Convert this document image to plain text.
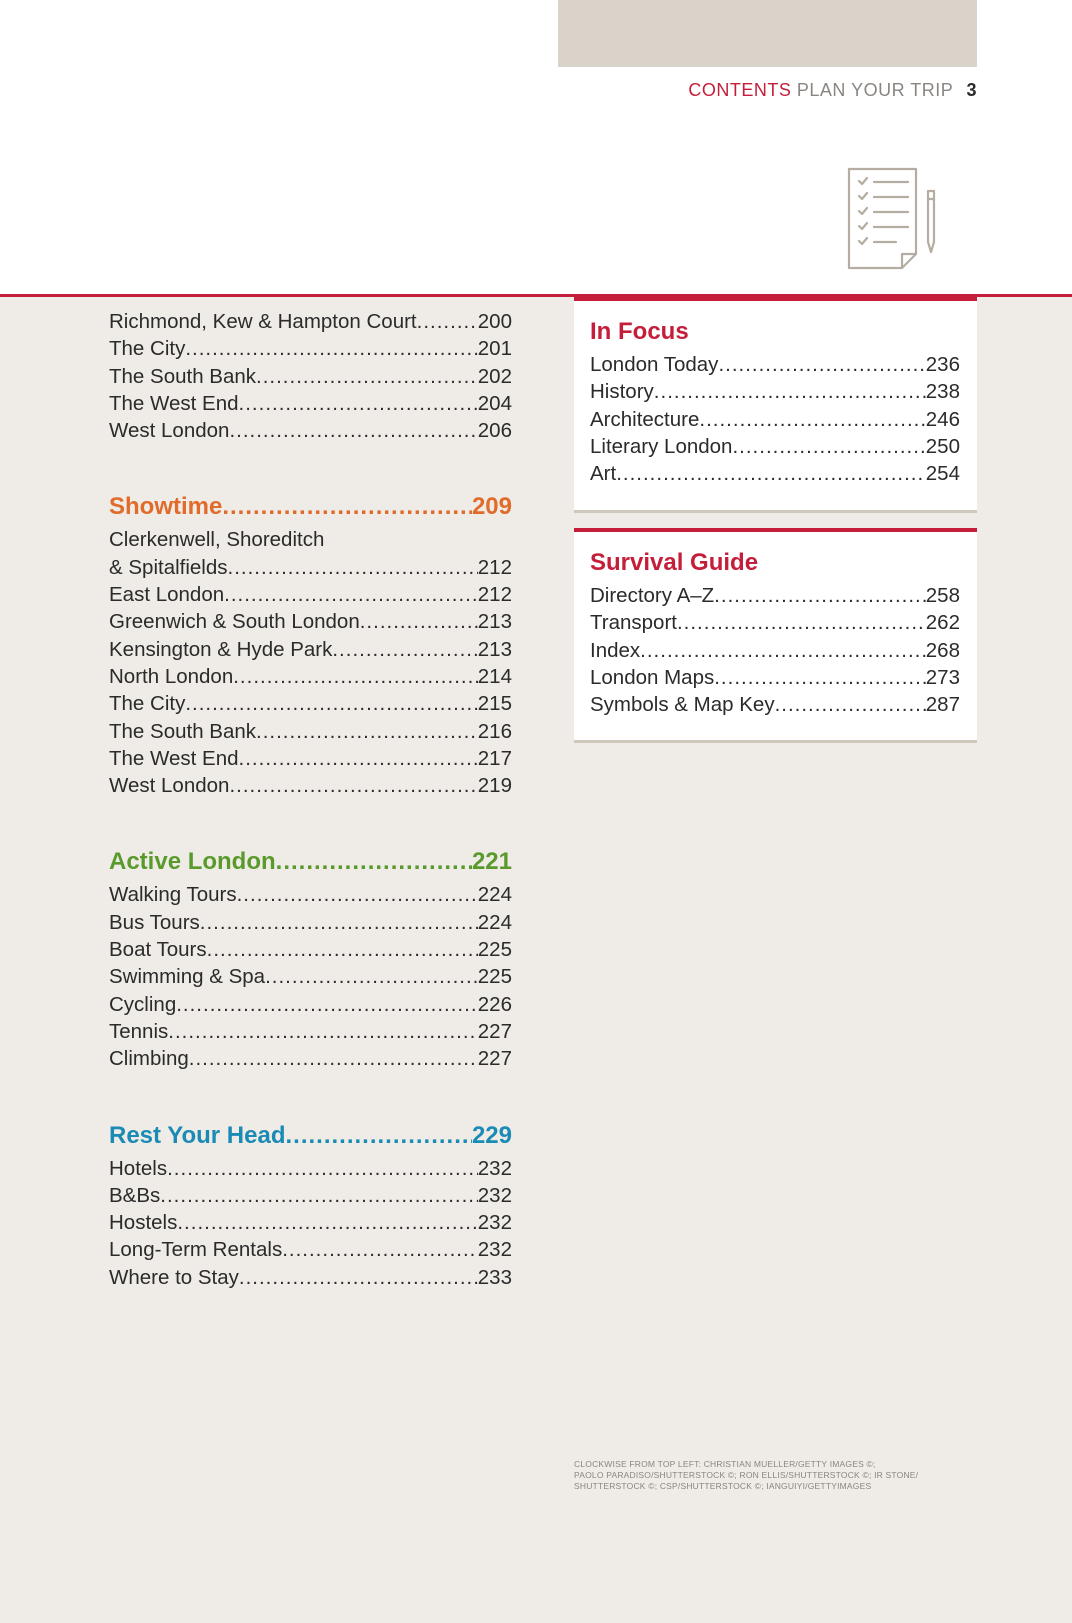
CONTENTS PLAN YOUR TRIP 3
Richmond, Kew & Hampton Court .....	200
The City .....	201
The South Bank .....	202
The West End .....	204
West London .....	206
Showtime .....	209
Clerkenwell, Shoreditch
& Spitalfields .....	212
East London .....	212
Greenwich & South London .....	213
Kensington & Hyde Park .....	213
North London .....	214
The City .....	215
The South Bank .....	216
The West End .....	217
West London .....	219
Active London .....	221
Walking Tours .....	224
Bus Tours .....	224
Boat Tours .....	225
Swimming & Spa .....	225
Cycling .....	226
Tennis .....	227
Climbing .....	227
Rest Your Head .....	229
Hotels .....	232
B&Bs .....	232
Hostels .....	232
Long-Term Rentals .....	232
Where to Stay .....	233
In Focus
London Today .....	236
History .....	238
Architecture .....	246
Literary London .....	250
Art .....	254
Survival Guide
Directory A–Z .....	258
Transport .....	262
Index .....	268
London Maps .....	273
Symbols & Map Key .....	287
CLOCKWISE FROM TOP LEFT: CHRISTIAN MUELLER/GETTY IMAGES ©;
PAOLO PARADISO/SHUTTERSTOCK ©; RON ELLIS/SHUTTERSTOCK ©; IR STONE/
SHUTTERSTOCK ©; CSP/SHUTTERSTOCK ©; IANGUIYI/GETTYIMAGES
